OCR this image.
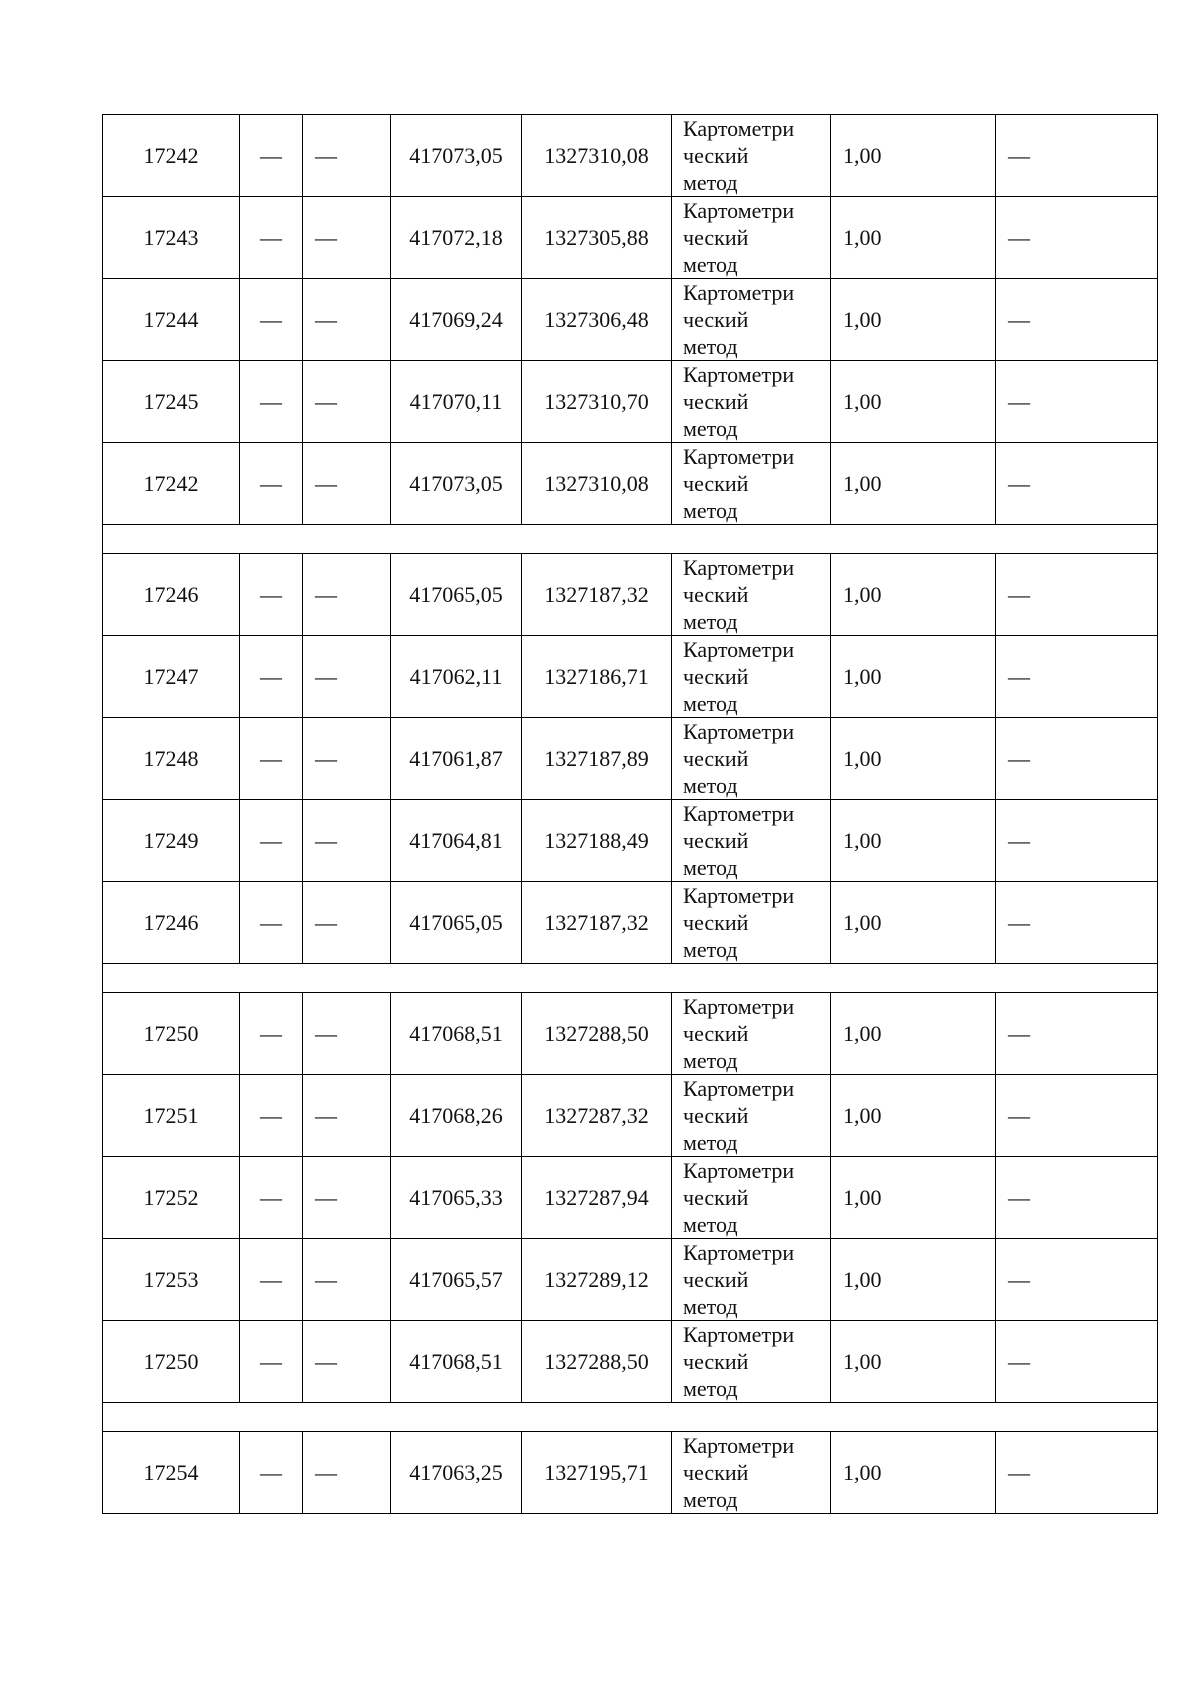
17242	—	—	417073,05	1327310,08	Картометри
ческий
метод	1,00	—
17243	—	—	417072,18	1327305,88	Картометри
ческий
метод	1,00	—
17244	—	—	417069,24	1327306,48	Картометри
ческий
метод	1,00	—
17245	—	—	417070,11	1327310,70	Картометри
ческий
метод	1,00	—
17242	—	—	417073,05	1327310,08	Картометри
ческий
метод	1,00	—

17246	—	—	417065,05	1327187,32	Картометри
ческий
метод	1,00	—
17247	—	—	417062,11	1327186,71	Картометри
ческий
метод	1,00	—
17248	—	—	417061,87	1327187,89	Картометри
ческий
метод	1,00	—
17249	—	—	417064,81	1327188,49	Картометри
ческий
метод	1,00	—
17246	—	—	417065,05	1327187,32	Картометри
ческий
метод	1,00	—

17250	—	—	417068,51	1327288,50	Картометри
ческий
метод	1,00	—
17251	—	—	417068,26	1327287,32	Картометри
ческий
метод	1,00	—
17252	—	—	417065,33	1327287,94	Картометри
ческий
метод	1,00	—
17253	—	—	417065,57	1327289,12	Картометри
ческий
метод	1,00	—
17250	—	—	417068,51	1327288,50	Картометри
ческий
метод	1,00	—

17254	—	—	417063,25	1327195,71	Картометри
ческий
метод	1,00	—
